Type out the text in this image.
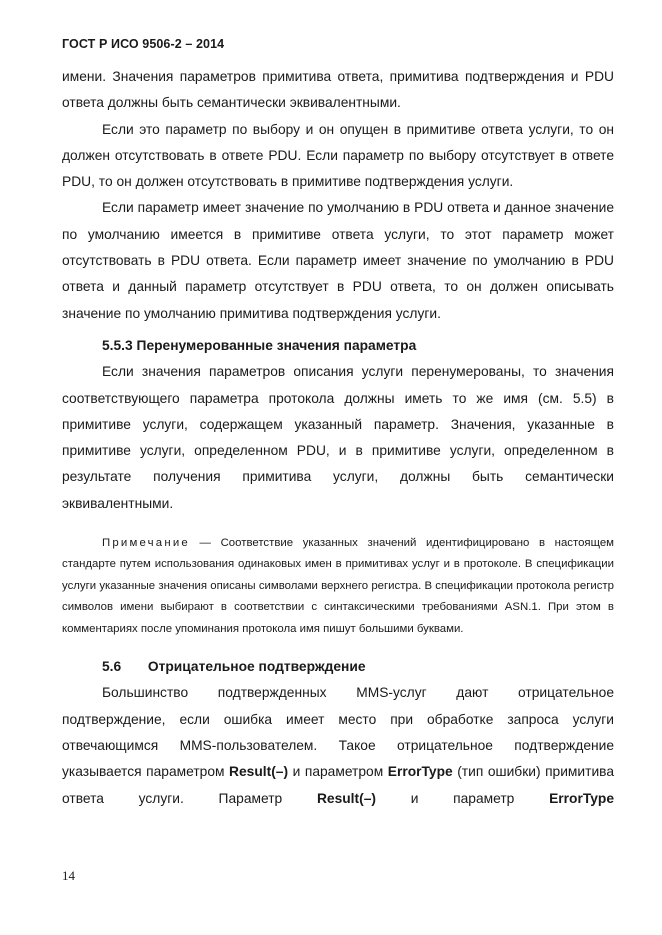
ГОСТ Р ИСО 9506-2 – 2014

имени. Значения параметров примитива ответа, примитива подтверждения и PDU ответа должны быть семантически эквивалентными.

Если это параметр по выбору и он опущен в примитиве ответа услуги, то он должен отсутствовать в ответе PDU. Если параметр по выбору отсутствует в ответе PDU, то он должен отсутствовать в примитиве подтверждения услуги.

Если параметр имеет значение по умолчанию в PDU ответа и данное значение по умолчанию имеется в примитиве ответа услуги, то этот параметр может отсутствовать в PDU ответа. Если параметр имеет значение по умолчанию в PDU ответа и данный параметр отсутствует в PDU ответа, то он должен описывать значение по умолчанию примитива подтверждения услуги.

5.5.3 Перенумерованные значения параметра

Если значения параметров описания услуги перенумерованы, то значения соответствующего параметра протокола должны иметь то же имя (см. 5.5) в примитиве услуги, содержащем указанный параметр. Значения, указанные в примитиве услуги, определенном PDU, и в примитиве услуги, определенном в результате получения примитива услуги, должны быть семантически эквивалентными.

Примечание — Соответствие указанных значений идентифицировано в настоящем стандарте путем использования одинаковых имен в примитивах услуг и в протоколе. В спецификации услуги указанные значения описаны символами верхнего регистра. В спецификации протокола регистр символов имени выбирают в соответствии с синтаксическими требованиями ASN.1. При этом в комментариях после упоминания протокола имя пишут большими буквами.

5.6 Отрицательное подтверждение

Большинство подтвержденных MMS-услуг дают отрицательное подтверждение, если ошибка имеет место при обработке запроса услуги отвечающимся MMS-пользователем. Такое отрицательное подтверждение указывается параметром Result(–) и параметром ErrorType (тип ошибки) примитива ответа услуги. Параметр Result(–) и параметр ErrorType

14
